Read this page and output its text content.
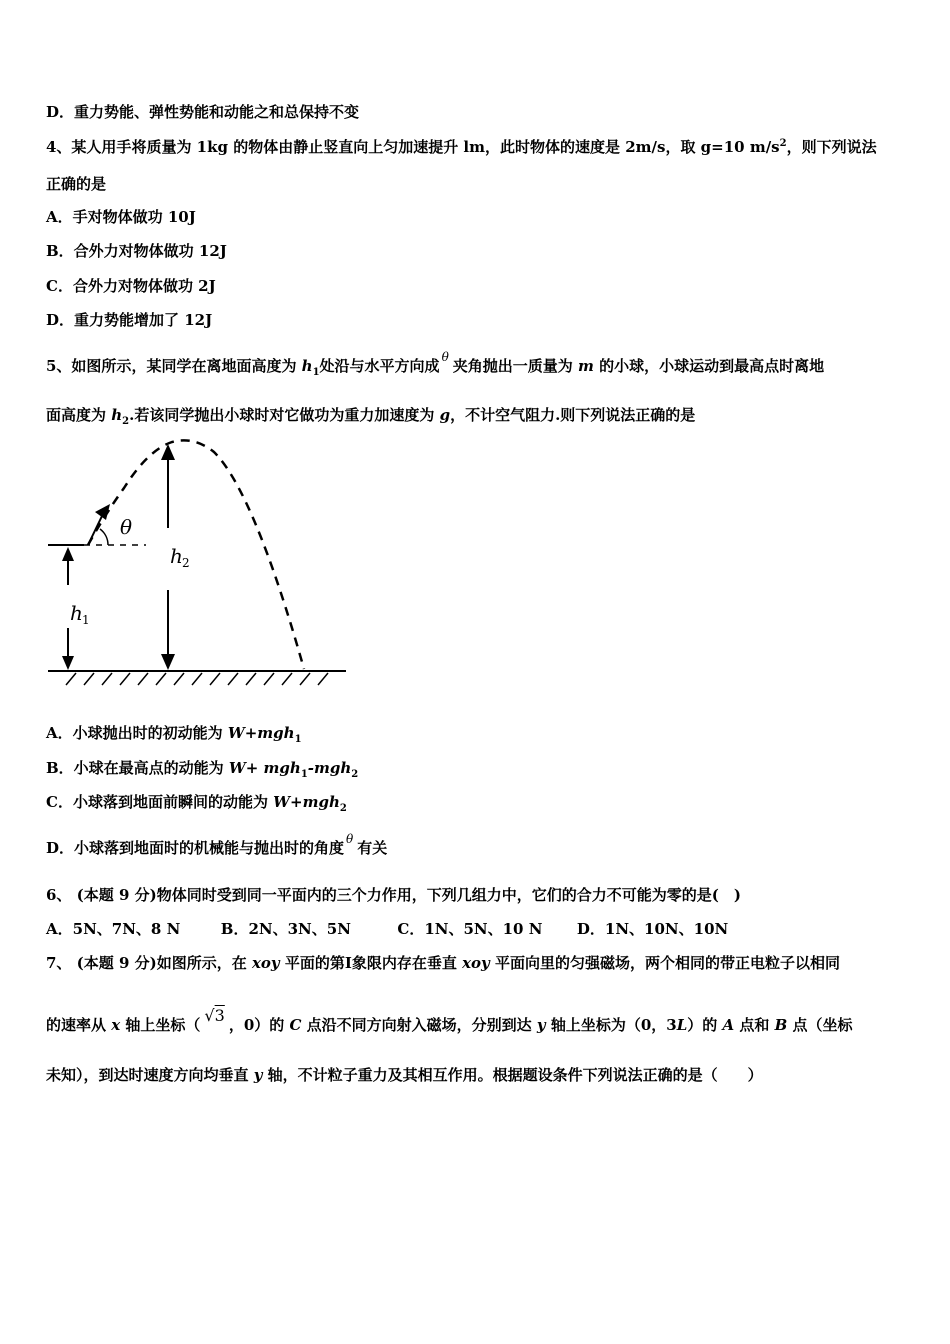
D．重力势能、弹性势能和动能之和总保持不变
4、某人用手将质量为 1kg 的物体由静止竖直向上匀加速提升 lm，此时物体的速度是 2m/s，取 g=10 $m/s^2$，则下列说法
正确的是
A．手对物体做功 10J
B．合外力对物体做功 12J
C．合外力对物体做功 2J
D．重力势能增加了 12J
5、如图所示，某同学在离地面高度为 $h_1$处沿与水平方向成 $^\theta$ 夹角抛出一质量为 m 的小球，小球运动到最高点时离地
面高度为 $h_2$.若该同学抛出小球时对它做功为重力加速度为 g，不计空气阻力.则下列说法正确的是
θ
h 1
h 2
A．小球抛出时的初动能为 W+mgh$_1$
B．小球在最高点的动能为 W+ mgh$_1$-mgh$_2$
C．小球落到地面前瞬间的动能为 W+mgh$_2$
D．小球落到地面时的机械能与抛出时的角度 $^\theta$ 有关
6、 (本题 9 分)物体同时受到同一平面内的三个力作用，下列几组力中，它们的合力不可能为零的是(　)
A．5N、7N、8 N	B．2N、3N、5N	C．1N、5N、10 N D．1N、10N、10N
7、 (本题 9 分)如图所示，在 xoy 平面的第Ⅰ象限内存在垂直 xoy 平面向里的匀强磁场，两个相同的带正电粒子以相同
的速率从 x 轴上坐标（ √3 ，0）的 C 点沿不同方向射入磁场，分别到达 y 轴上坐标为（0，3L）的 A 点和 B 点（坐标
未知），到达时速度方向均垂直 y 轴，不计粒子重力及其相互作用。根据题设条件下列说法正确的是（　　）
